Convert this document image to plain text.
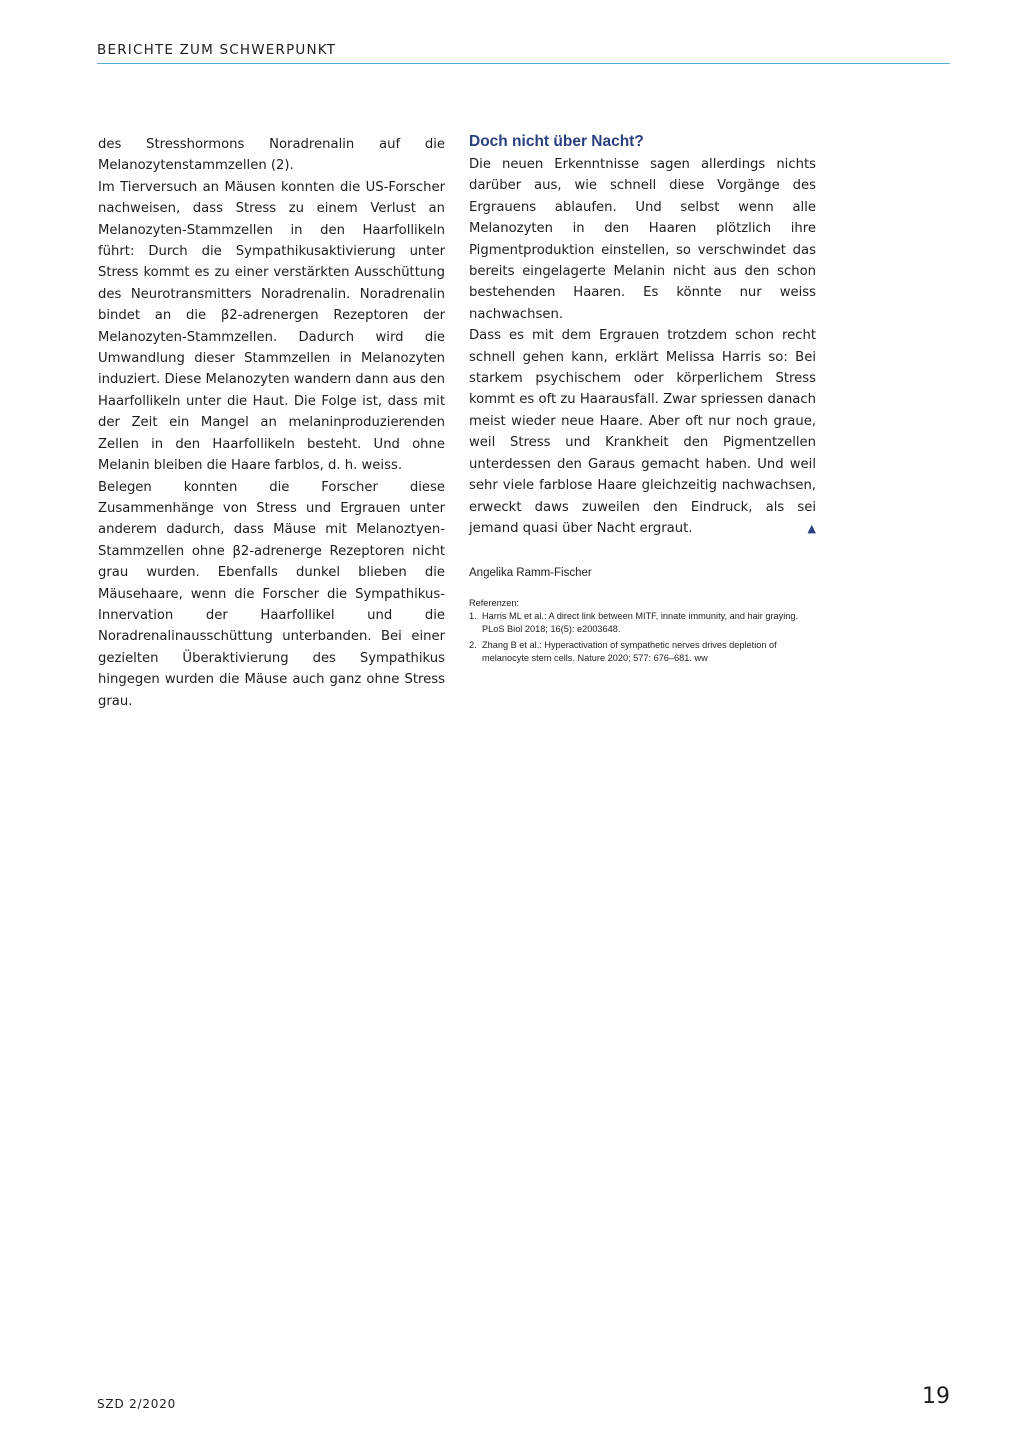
BERICHTE ZUM SCHWERPUNKT

des Stresshormons Noradrenalin auf die Melanozytenstammzellen (2).

Im Tierversuch an Mäusen konnten die US-Forscher nachweisen, dass Stress zu einem Verlust an Melanozyten-Stammzellen in den Haarfollikeln führt: Durch die Sympathikusaktivierung unter Stress kommt es zu einer verstärkten Ausschüttung des Neurotransmitters Noradrenalin. Noradrenalin bindet an die β2-adrenergen Rezeptoren der Melanozyten-Stammzellen. Dadurch wird die Umwandlung dieser Stammzellen in Melanozyten induziert. Diese Melanozyten wandern dann aus den Haarfollikeln unter die Haut. Die Folge ist, dass mit der Zeit ein Mangel an melaninproduzierenden Zellen in den Haarfollikeln besteht. Und ohne Melanin bleiben die Haare farblos, d. h. weiss.

Belegen konnten die Forscher diese Zusammenhänge von Stress und Ergrauen unter anderem dadurch, dass Mäuse mit Melanoztyen-Stammzellen ohne β2-adrenerge Rezeptoren nicht grau wurden. Ebenfalls dunkel blieben die Mäusehaare, wenn die Forscher die Sympathikus-Innervation der Haarfollikel und die Noradrenalinausschüttung unterbanden. Bei einer gezielten Überaktivierung des Sympathikus hingegen wurden die Mäuse auch ganz ohne Stress grau.

Doch nicht über Nacht?

Die neuen Erkenntnisse sagen allerdings nichts darüber aus, wie schnell diese Vorgänge des Ergrauens ablaufen. Und selbst wenn alle Melanozyten in den Haaren plötzlich ihre Pigmentproduktion einstellen, so verschwindet das bereits eingelagerte Melanin nicht aus den schon bestehenden Haaren. Es könnte nur weiss nachwachsen.

Dass es mit dem Ergrauen trotzdem schon recht schnell gehen kann, erklärt Melissa Harris so: Bei starkem psychischem oder körperlichem Stress kommt es oft zu Haarausfall. Zwar spriessen danach meist wieder neue Haare. Aber oft nur noch graue, weil Stress und Krankheit den Pigmentzellen unterdessen den Garaus gemacht haben. Und weil sehr viele farblose Haare gleichzeitig nachwachsen, erweckt daws zuweilen den Eindruck, als sei jemand quasi über Nacht ergraut.	▲
Angelika Ramm-Fischer

Referenzen:

1. Harris ML et al.: A direct link between MITF, innate immunity, and hair graying. PLoS Biol 2018; 16(5): e2003648.
2. Zhang B et al.: Hyperactivation of sympathetic nerves drives depletion of melanocyte stem cells. Nature 2020; 577: 676–681. ww
SZD 2/2020	19
